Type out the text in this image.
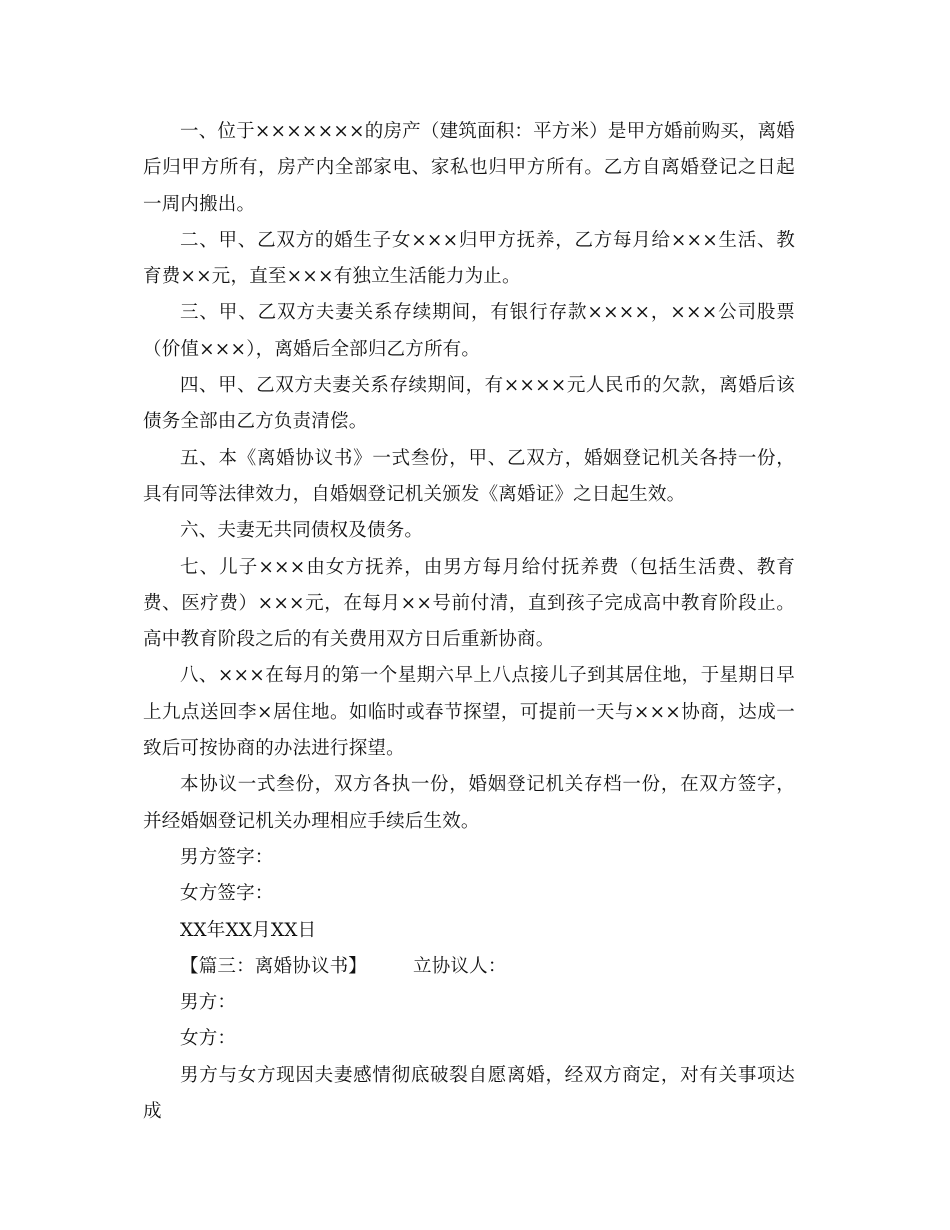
一、位于×××××××的房产（建筑面积：平方米）是甲方婚前购买，离婚后归甲方所有，房产内全部家电、家私也归甲方所有。乙方自离婚登记之日起一周内搬出。

二、甲、乙双方的婚生子女×××归甲方抚养，乙方每月给×××生活、教育费××元，直至×××有独立生活能力为止。

三、甲、乙双方夫妻关系存续期间，有银行存款××××，×××公司股票（价值×××），离婚后全部归乙方所有。

四、甲、乙双方夫妻关系存续期间，有××××元人民币的欠款，离婚后该债务全部由乙方负责清偿。

五、本《离婚协议书》一式叁份，甲、乙双方，婚姻登记机关各持一份，具有同等法律效力，自婚姻登记机关颁发《离婚证》之日起生效。

六、夫妻无共同债权及债务。

七、儿子×××由女方抚养，由男方每月给付抚养费（包括生活费、教育费、医疗费）×××元，在每月××号前付清，直到孩子完成高中教育阶段止。高中教育阶段之后的有关费用双方日后重新协商。

八、×××在每月的第一个星期六早上八点接儿子到其居住地，于星期日早上九点送回李×居住地。如临时或春节探望，可提前一天与×××协商，达成一致后可按协商的办法进行探望。

本协议一式叁份，双方各执一份，婚姻登记机关存档一份，在双方签字，并经婚姻登记机关办理相应手续后生效。

男方签字：

女方签字：

XX年XX月XX日

【篇三：离婚协议书】 立协议人：

男方：

女方：

男方与女方现因夫妻感情彻底破裂自愿离婚，经双方商定，对有关事项达成
